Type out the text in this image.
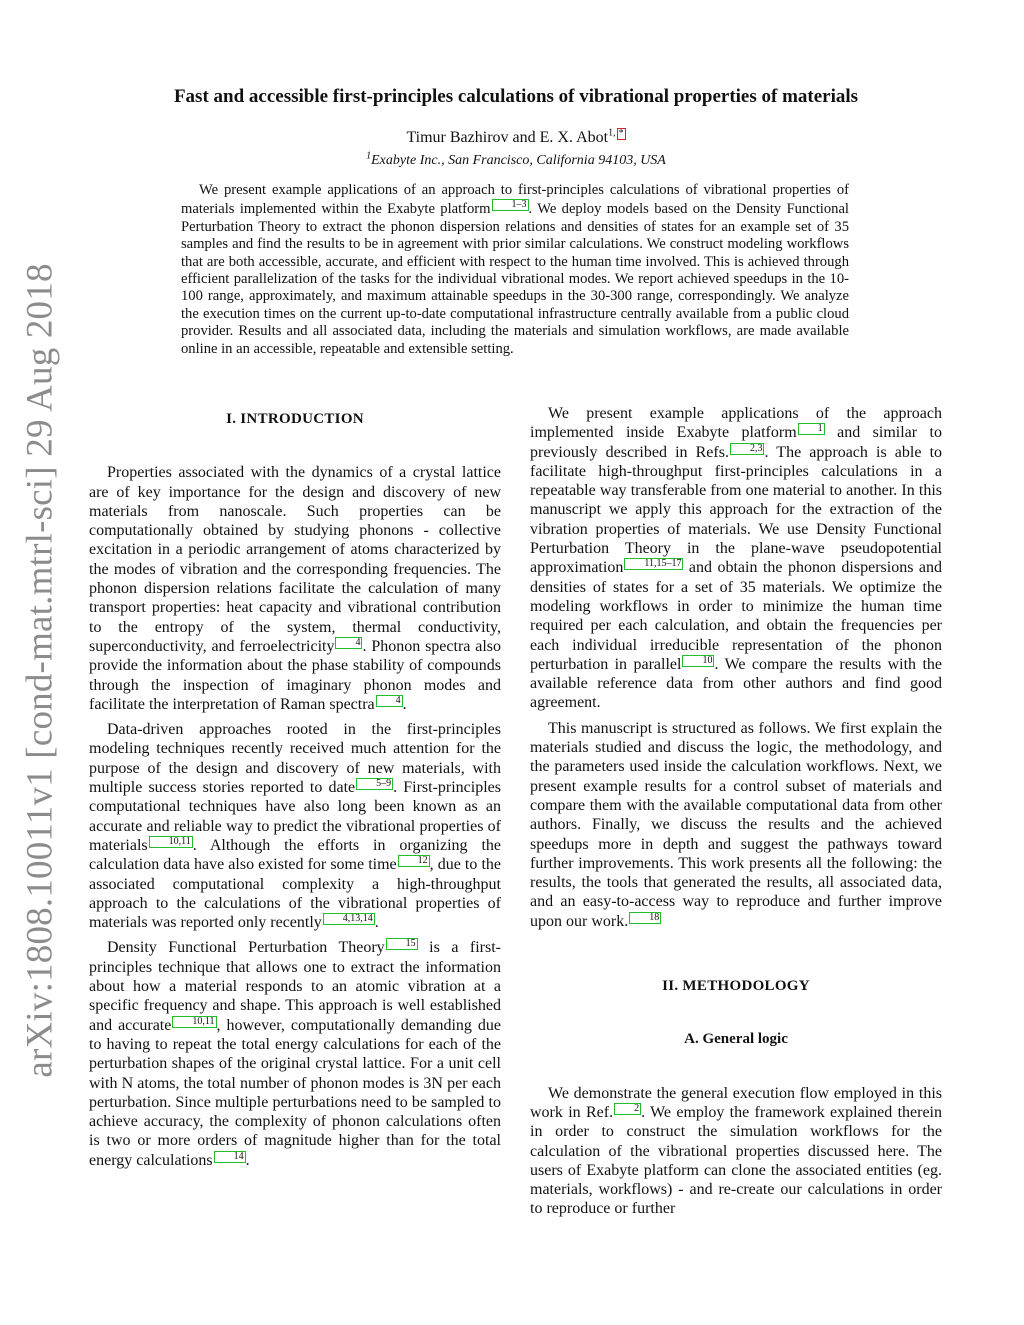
arXiv:1808.10011v1 [cond-mat.mtrl-sci] 29 Aug 2018
Fast and accessible first-principles calculations of vibrational properties of materials
Timur Bazhirov and E. X. Abot$^{1,}$ *
$^1$Exabyte Inc., San Francisco, California 94103, USA

We present example applications of an approach to first-principles calculations of vibrational properties of materials implemented within the Exabyte platform 1–3 . We deploy models based on the Density Functional Perturbation Theory to extract the phonon dispersion relations and densities of states for an example set of 35 samples and find the results to be in agreement with prior similar calculations. We construct modeling workflows that are both accessible, accurate, and efficient with respect to the human time involved. This is achieved through efficient parallelization of the tasks for the individual vibrational modes. We report achieved speedups in the 10-100 range, approximately, and maximum attainable speedups in the 30-300 range, correspondingly. We analyze the execution times on the current up-to-date computational infrastructure centrally available from a public cloud provider. Results and all associated data, including the materials and simulation workflows, are made available online in an accessible, repeatable and extensible setting.

I. INTRODUCTION

Properties associated with the dynamics of a crystal lattice are of key importance for the design and discovery of new materials from nanoscale. Such properties can be computationally obtained by studying phonons - collective excitation in a periodic arrangement of atoms characterized by the modes of vibration and the corresponding frequencies. The phonon dispersion relations facilitate the calculation of many transport properties: heat capacity and vibrational contribution to the entropy of the system, thermal conductivity, superconductivity, and ferroelectricity 4 . Phonon spectra also provide the information about the phase stability of compounds through the inspection of imaginary phonon modes and facilitate the interpretation of Raman spectra 4 .

Data-driven approaches rooted in the first-principles modeling techniques recently received much attention for the purpose of the design and discovery of new materials, with multiple success stories reported to date 5–9 . First-principles computational techniques have also long been known as an accurate and reliable way to predict the vibrational properties of materials 10,11 . Although the efforts in organizing the calculation data have also existed for some time 12 , due to the associated computational complexity a high-throughput approach to the calculations of the vibrational properties of materials was reported only recently 4,13,14 .

Density Functional Perturbation Theory 15 is a first-principles technique that allows one to extract the information about how a material responds to an atomic vibration at a specific frequency and shape. This approach is well established and accurate 10,11 , however, computationally demanding due to having to repeat the total energy calculations for each of the perturbation shapes of the original crystal lattice. For a unit cell with N atoms, the total number of phonon modes is 3N per each perturbation. Since multiple perturbations need to be sampled to achieve accuracy, the complexity of phonon calculations often is two or more orders of magnitude higher than for the total energy calculations 14 .

We present example applications of the approach implemented inside Exabyte platform 1 and similar to previously described in Refs. 2,3 . The approach is able to facilitate high-throughput first-principles calculations in a repeatable way transferable from one material to another. In this manuscript we apply this approach for the extraction of the vibration properties of materials. We use Density Functional Perturbation Theory in the plane-wave pseudopotential approximation 11,15–17 and obtain the phonon dispersions and densities of states for a set of 35 materials. We optimize the modeling workflows in order to minimize the human time required per each calculation, and obtain the frequencies per each individual irreducible representation of the phonon perturbation in parallel 10 . We compare the results with the available reference data from other authors and find good agreement.

This manuscript is structured as follows. We first explain the materials studied and discuss the logic, the methodology, and the parameters used inside the calculation workflows. Next, we present example results for a control subset of materials and compare them with the available computational data from other authors. Finally, we discuss the results and the achieved speedups more in depth and suggest the pathways toward further improvements. This work presents all the following: the results, the tools that generated the results, all associated data, and an easy-to-access way to reproduce and further improve upon our work. 18

II. METHODOLOGY
A. General logic

We demonstrate the general execution flow employed in this work in Ref. 2 . We employ the framework explained therein in order to construct the simulation workflows for the calculation of the vibrational properties discussed here. The users of Exabyte platform can clone the associated entities (eg. materials, workflows) - and re-create our calculations in order to reproduce or further
